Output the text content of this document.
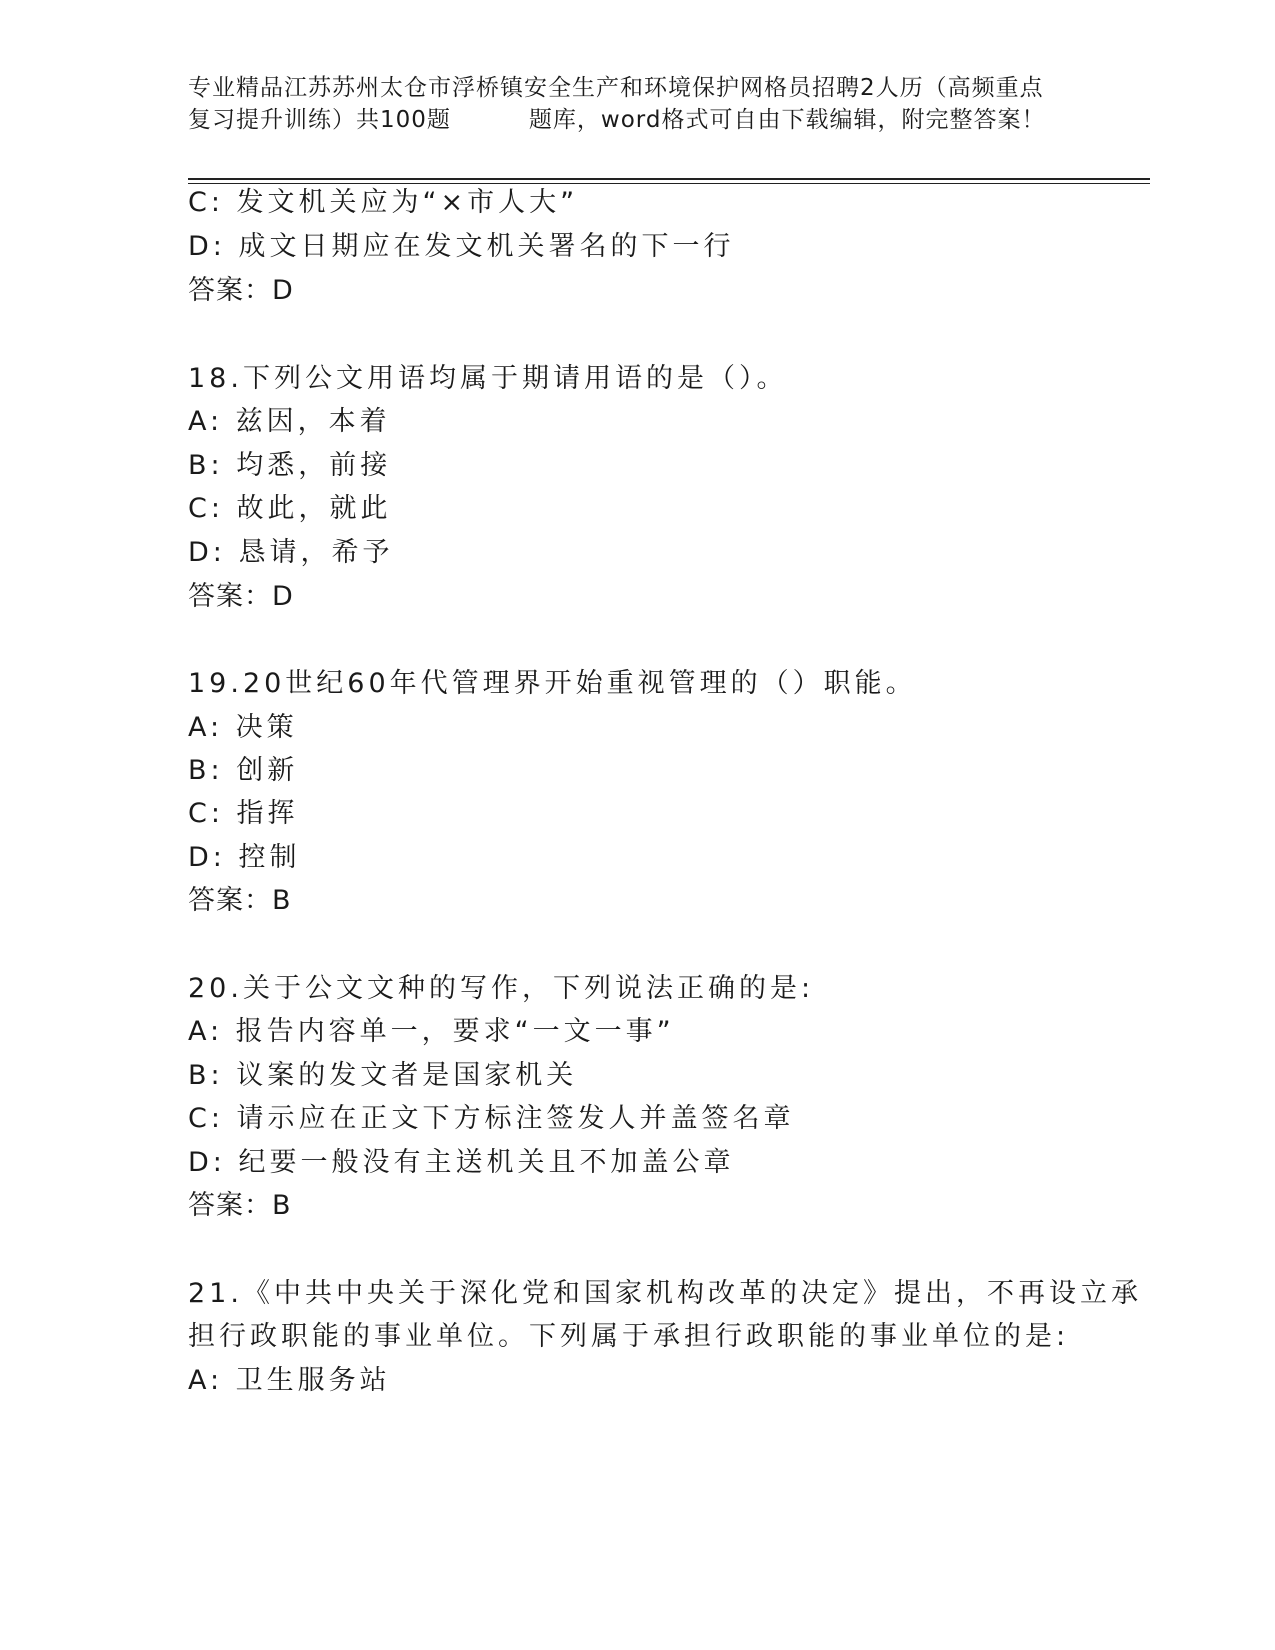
专业精品江苏苏州太仓市浮桥镇安全生产和环境保护网格员招聘2人历（高频重点
复习提升训练）共100题	题库，word格式可自由下载编辑，附完整答案！
C: 发文机关应为“×市人大”
D: 成文日期应在发文机关署名的下一行
答案：D
18.下列公文用语均属于期请用语的是（）。
A: 兹因，本着
B: 均悉，前接
C: 故此，就此
D: 恳请，希予
答案：D
19.20世纪60年代管理界开始重视管理的（）职能。
A: 决策
B: 创新
C: 指挥
D: 控制
答案：B
20.关于公文文种的写作，下列说法正确的是:
A: 报告内容单一，要求“一文一事”
B: 议案的发文者是国家机关
C: 请示应在正文下方标注签发人并盖签名章
D: 纪要一般没有主送机关且不加盖公章
答案：B
21.《中共中央关于深化党和国家机构改革的决定》提出，不再设立承
担行政职能的事业单位。下列属于承担行政职能的事业单位的是:
A: 卫生服务站
